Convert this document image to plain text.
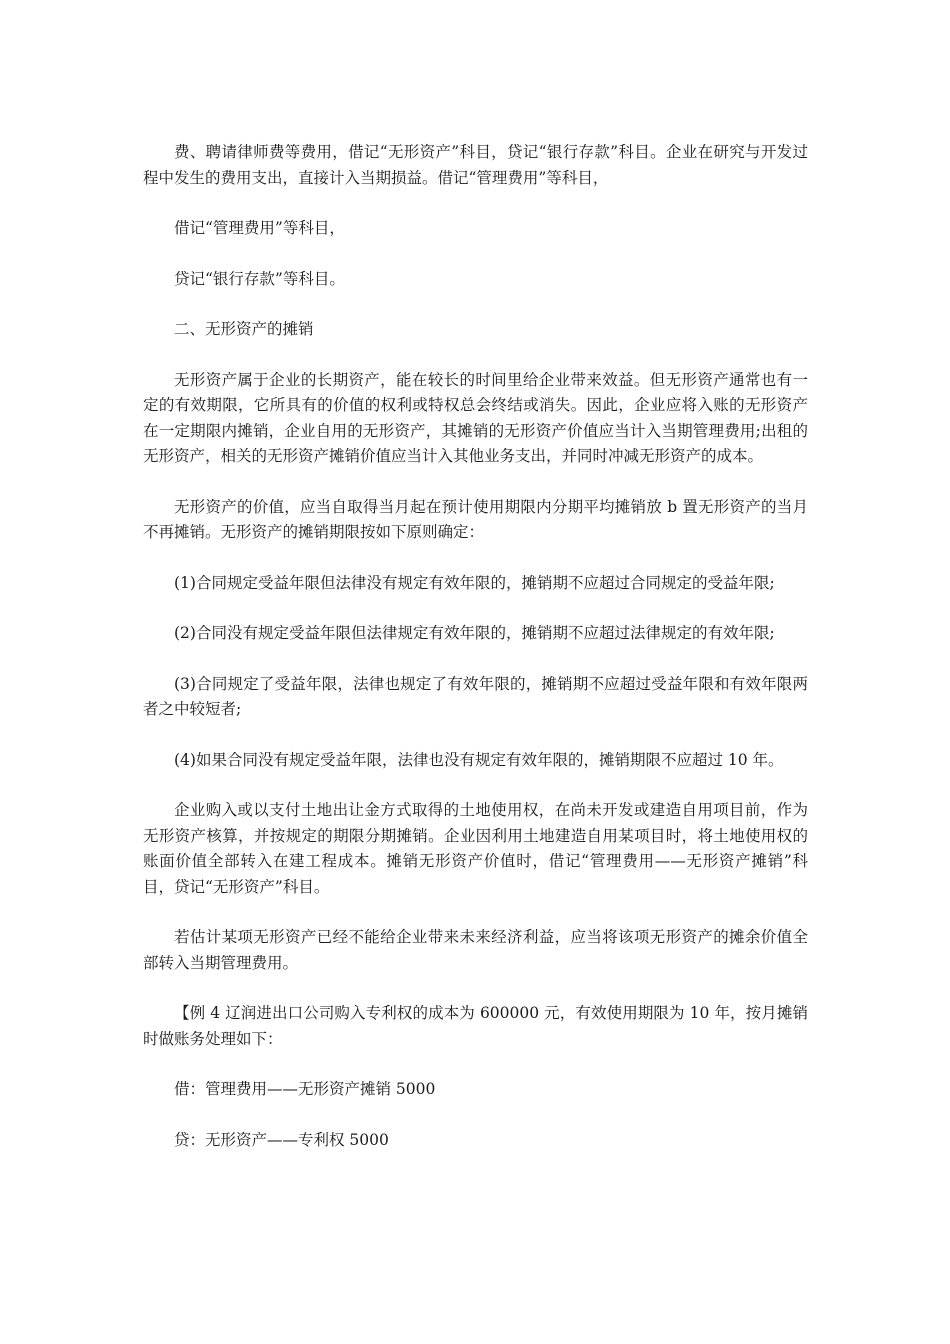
费、聘请律师费等费用，借记“无形资产”科目，贷记“银行存款”科目。企业在研究与开发过程中发生的费用支出，直接计入当期损益。借记“管理费用”等科目，

借记“管理费用”等科目，

贷记“银行存款”等科目。

二、无形资产的摊销

无形资产属于企业的长期资产，能在较长的时间里给企业带来效益。但无形资产通常也有一定的有效期限，它所具有的价值的权利或特权总会终结或消失。因此，企业应将入账的无形资产在一定期限内摊销，企业自用的无形资产，其摊销的无形资产价值应当计入当期管理费用;出租的无形资产，相关的无形资产摊销价值应当计入其他业务支出，并同时冲减无形资产的成本。

无形资产的价值，应当自取得当月起在预计使用期限内分期平均摊销放 b 置无形资产的当月不再摊销。无形资产的摊销期限按如下原则确定：

(1)合同规定受益年限但法律没有规定有效年限的，摊销期不应超过合同规定的受益年限;

(2)合同没有规定受益年限但法律规定有效年限的，摊销期不应超过法律规定的有效年限;

(3)合同规定了受益年限，法律也规定了有效年限的，摊销期不应超过受益年限和有效年限两者之中较短者;

(4)如果合同没有规定受益年限，法律也没有规定有效年限的，摊销期限不应超过 10 年。

企业购入或以支付土地出让金方式取得的土地使用权，在尚未开发或建造自用项目前，作为无形资产核算，并按规定的期限分期摊销。企业因利用土地建造自用某项目时，将土地使用权的账面价值全部转入在建工程成本。摊销无形资产价值时，借记“管理费用——无形资产摊销”科目，贷记“无形资产”科目。

若估计某项无形资产已经不能给企业带来未来经济利益，应当将该项无形资产的摊余价值全部转入当期管理费用。

【例 4 辽润进出口公司购入专利权的成本为 600000 元，有效使用期限为 10 年，按月摊销时做账务处理如下：

借：管理费用——无形资产摊销 5000

贷：无形资产——专利权 5000
